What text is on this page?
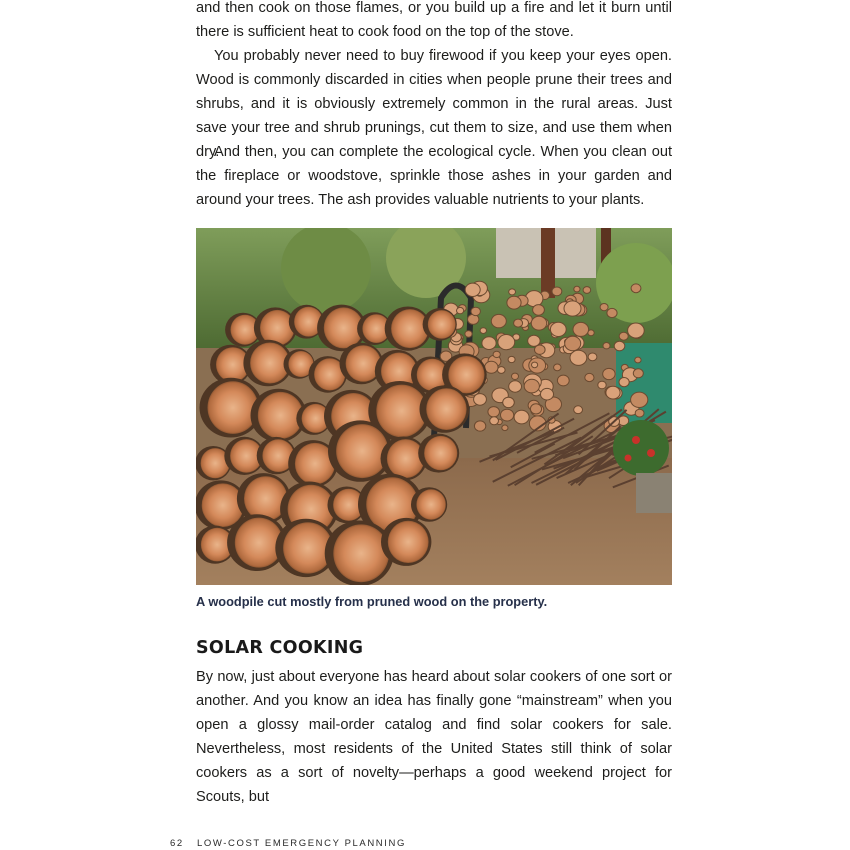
and then cook on those flames, or you build up a fire and let it burn until there is sufficient heat to cook food on the top of the stove.

You probably never need to buy firewood if you keep your eyes open. Wood is commonly discarded in cities when people prune their trees and shrubs, and it is obviously extremely common in the rural areas. Just save your tree and shrub prunings, cut them to size, and use them when dry.

And then, you can complete the ecological cycle. When you clean out the fireplace or woodstove, sprinkle those ashes in your garden and around your trees. The ash provides valuable nutrients to your plants.

A woodpile cut mostly from pruned wood on the property.

SOLAR COOKING

By now, just about everyone has heard about solar cookers of one sort or another. And you know an idea has finally gone “mainstream” when you open a glossy mail-order catalog and find solar cookers for sale. Nevertheless, most residents of the United States still think of solar cookers as a sort of novelty—perhaps a good weekend project for Scouts, but

62 LOW-COST EMERGENCY PLANNING
